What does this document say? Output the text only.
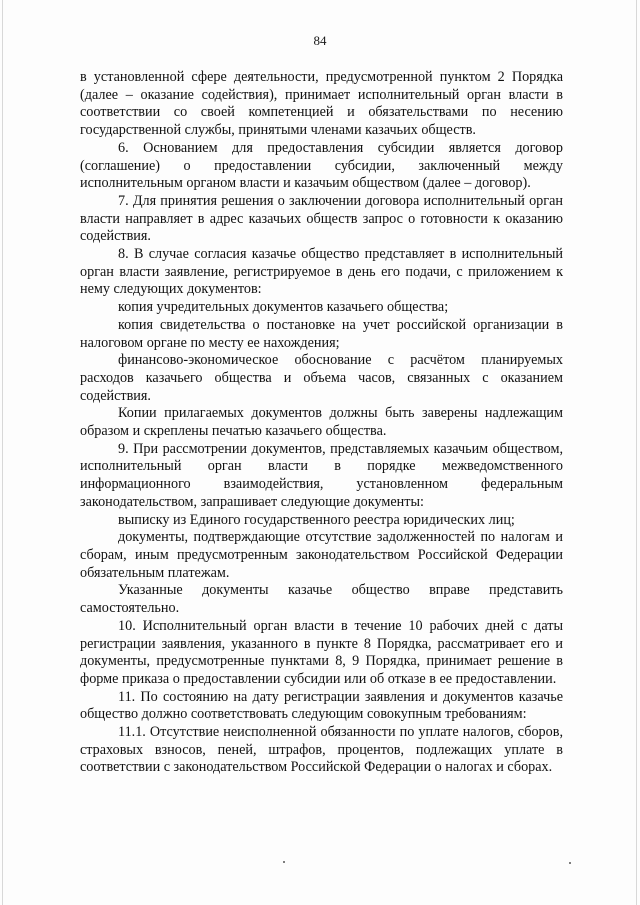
84

в установленной сфере деятельности, предусмотренной пунктом 2 Порядка (далее – оказание содействия), принимает исполнительный орган власти в соответствии со своей компетенцией и обязательствами по несению государственной службы, принятыми членами казачьих обществ.

6. Основанием для предоставления субсидии является договор (соглашение) о предоставлении субсидии, заключенный между исполнительным органом власти и казачьим обществом (далее – договор).

7. Для принятия решения о заключении договора исполнительный орган власти направляет в адрес казачьих обществ запрос о готовности к оказанию содействия.

8. В случае согласия казачье общество представляет в исполнительный орган власти заявление, регистрируемое в день его подачи, с приложением к нему следующих документов:

копия учредительных документов казачьего общества;

копия свидетельства о постановке на учет российской организации в налоговом органе по месту ее нахождения;

финансово-экономическое обоснование с расчётом планируемых расходов казачьего общества и объема часов, связанных с оказанием содействия.

Копии прилагаемых документов должны быть заверены надлежащим образом и скреплены печатью казачьего общества.

9. При рассмотрении документов, представляемых казачьим обществом, исполнительный орган власти в порядке межведомственного информационного взаимодействия, установленном федеральным законодательством, запрашивает следующие документы:

выписку из Единого государственного реестра юридических лиц;

документы, подтверждающие отсутствие задолженностей по налогам и сборам, иным предусмотренным законодательством Российской Федерации обязательным платежам.

Указанные документы казачье общество вправе представить самостоятельно.

10. Исполнительный орган власти в течение 10 рабочих дней с даты регистрации заявления, указанного в пункте 8 Порядка, рассматривает его и документы, предусмотренные пунктами 8, 9 Порядка, принимает решение в форме приказа о предоставлении субсидии или об отказе в ее предоставлении.

11. По состоянию на дату регистрации заявления и документов казачье общество должно соответствовать следующим совокупным требованиям:

11.1. Отсутствие неисполненной обязанности по уплате налогов, сборов, страховых взносов, пеней, штрафов, процентов, подлежащих уплате в соответствии с законодательством Российской Федерации о налогах и сборах.
